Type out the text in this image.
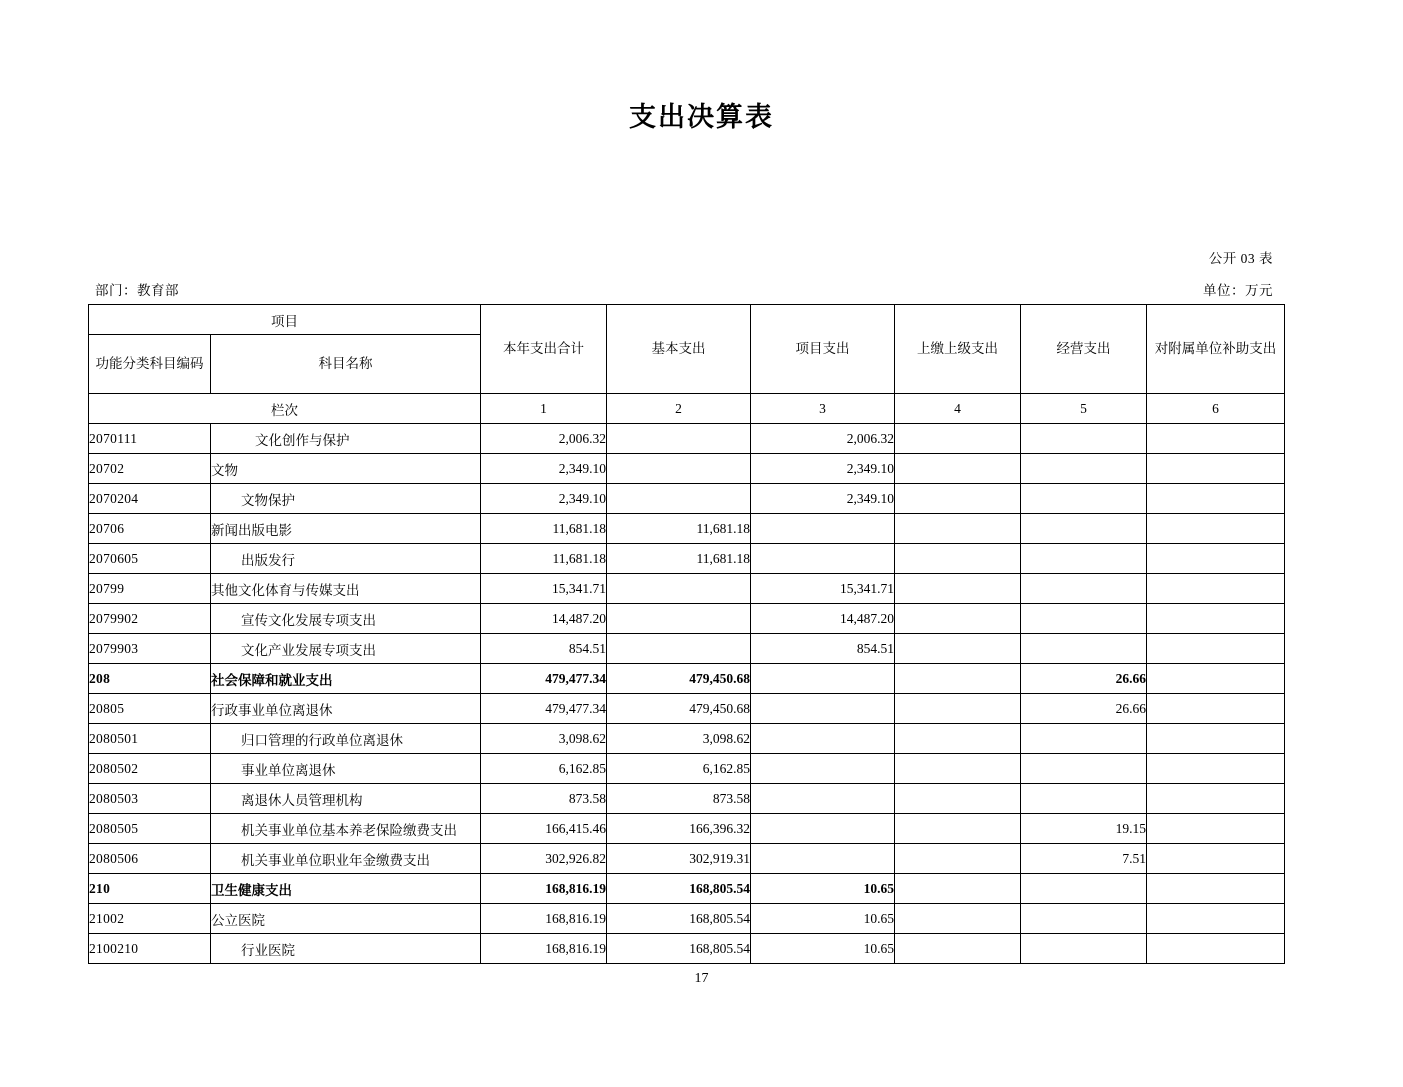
支出决算表
公开 03 表
单位：万元
部门：教育部
项目		本年支出合计	基本支出	项目支出	上缴上级支出	经营支出	对附属单位补助支出
功能分类科目编码	科目名称						
栏次		1	2	3	4	5	6
2070111	文化创作与保护	2,006.32		2,006.32			
20702	文物	2,349.10		2,349.10			
2070204	文物保护	2,349.10		2,349.10			
20706	新闻出版电影	11,681.18	11,681.18				
2070605	出版发行	11,681.18	11,681.18				
20799	其他文化体育与传媒支出	15,341.71		15,341.71			
2079902	宣传文化发展专项支出	14,487.20		14,487.20			
2079903	文化产业发展专项支出	854.51		854.51			
208	社会保障和就业支出	479,477.34	479,450.68			26.66	
20805	行政事业单位离退休	479,477.34	479,450.68			26.66	
2080501	归口管理的行政单位离退休	3,098.62	3,098.62				
2080502	事业单位离退休	6,162.85	6,162.85				
2080503	离退休人员管理机构	873.58	873.58				
2080505	机关事业单位基本养老保险缴费支出	166,415.46	166,396.32			19.15	
2080506	机关事业单位职业年金缴费支出	302,926.82	302,919.31			7.51	
210	卫生健康支出	168,816.19	168,805.54	10.65			
21002	公立医院	168,816.19	168,805.54	10.65			
2100210	行业医院	168,816.19	168,805.54	10.65			
17
